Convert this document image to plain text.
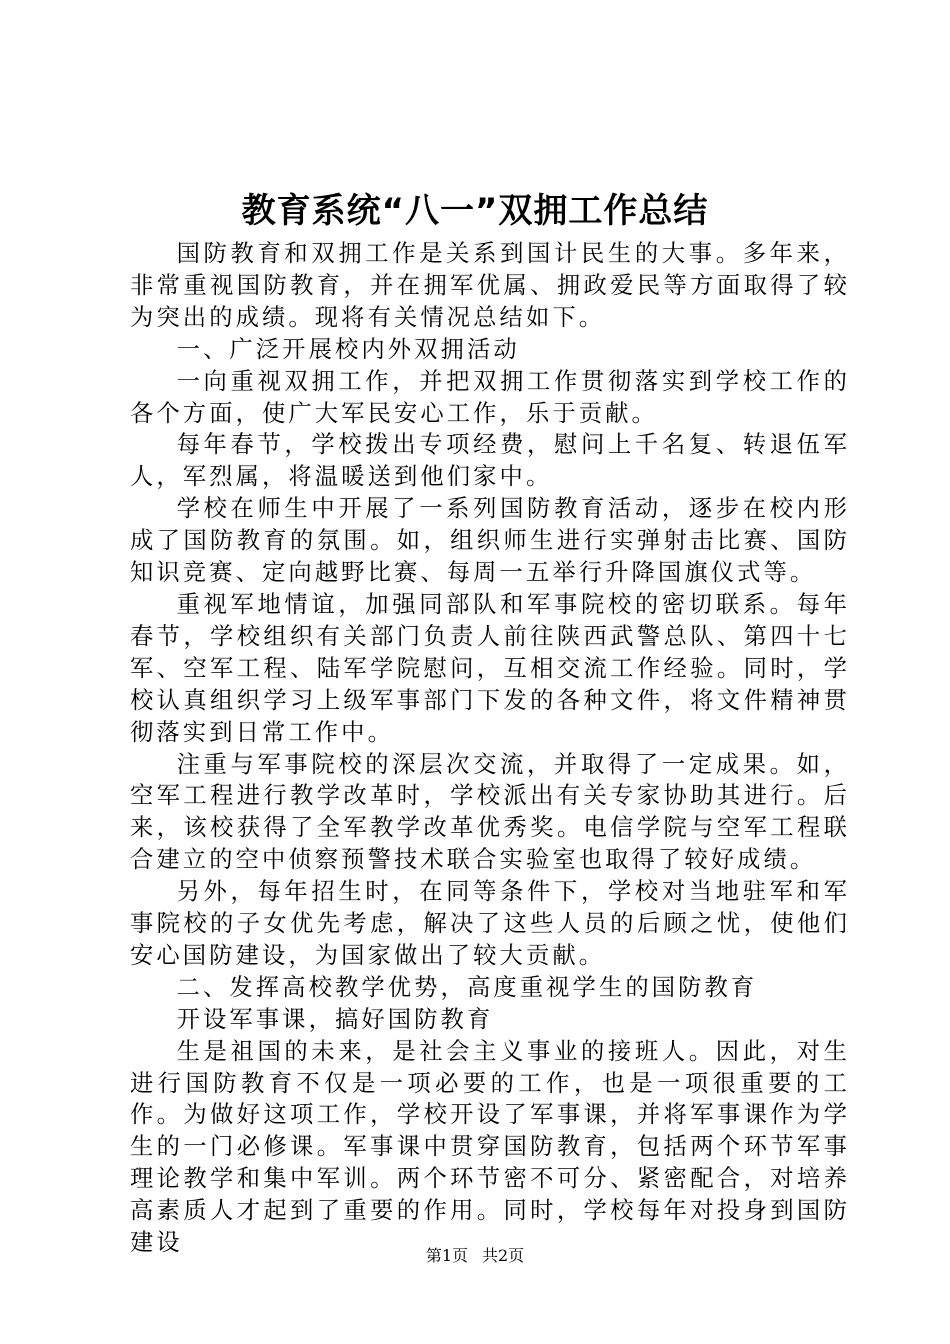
教育系统“八一”双拥工作总结

国防教育和双拥工作是关系到国计民生的大事。多年来，非常重视国防教育，并在拥军优属、拥政爱民等方面取得了较为突出的成绩。现将有关情况总结如下。

一、广泛开展校内外双拥活动

一向重视双拥工作，并把双拥工作贯彻落实到学校工作的各个方面，使广大军民安心工作，乐于贡献。

每年春节，学校拨出专项经费，慰问上千名复、转退伍军人，军烈属，将温暖送到他们家中。

学校在师生中开展了一系列国防教育活动，逐步在校内形成了国防教育的氛围。如，组织师生进行实弹射击比赛、国防知识竞赛、定向越野比赛、每周一五举行升降国旗仪式等。

重视军地情谊，加强同部队和军事院校的密切联系。每年春节，学校组织有关部门负责人前往陕西武警总队、第四十七军、空军工程、陆军学院慰问，互相交流工作经验。同时，学校认真组织学习上级军事部门下发的各种文件，将文件精神贯彻落实到日常工作中。

注重与军事院校的深层次交流，并取得了一定成果。如，空军工程进行教学改革时，学校派出有关专家协助其进行。后来，该校获得了全军教学改革优秀奖。电信学院与空军工程联合建立的空中侦察预警技术联合实验室也取得了较好成绩。

另外，每年招生时，在同等条件下，学校对当地驻军和军事院校的子女优先考虑，解决了这些人员的后顾之忧，使他们安心国防建设，为国家做出了较大贡献。

二、发挥高校教学优势，高度重视学生的国防教育

开设军事课，搞好国防教育

生是祖国的未来，是社会主义事业的接班人。因此，对生进行国防教育不仅是一项必要的工作，也是一项很重要的工作。为做好这项工作，学校开设了军事课，并将军事课作为学生的一门必修课。军事课中贯穿国防教育，包括两个环节军事理论教学和集中军训。两个环节密不可分、紧密配合，对培养高素质人才起到了重要的作用。同时，学校每年对投身到国防建设	第1页 共2页
